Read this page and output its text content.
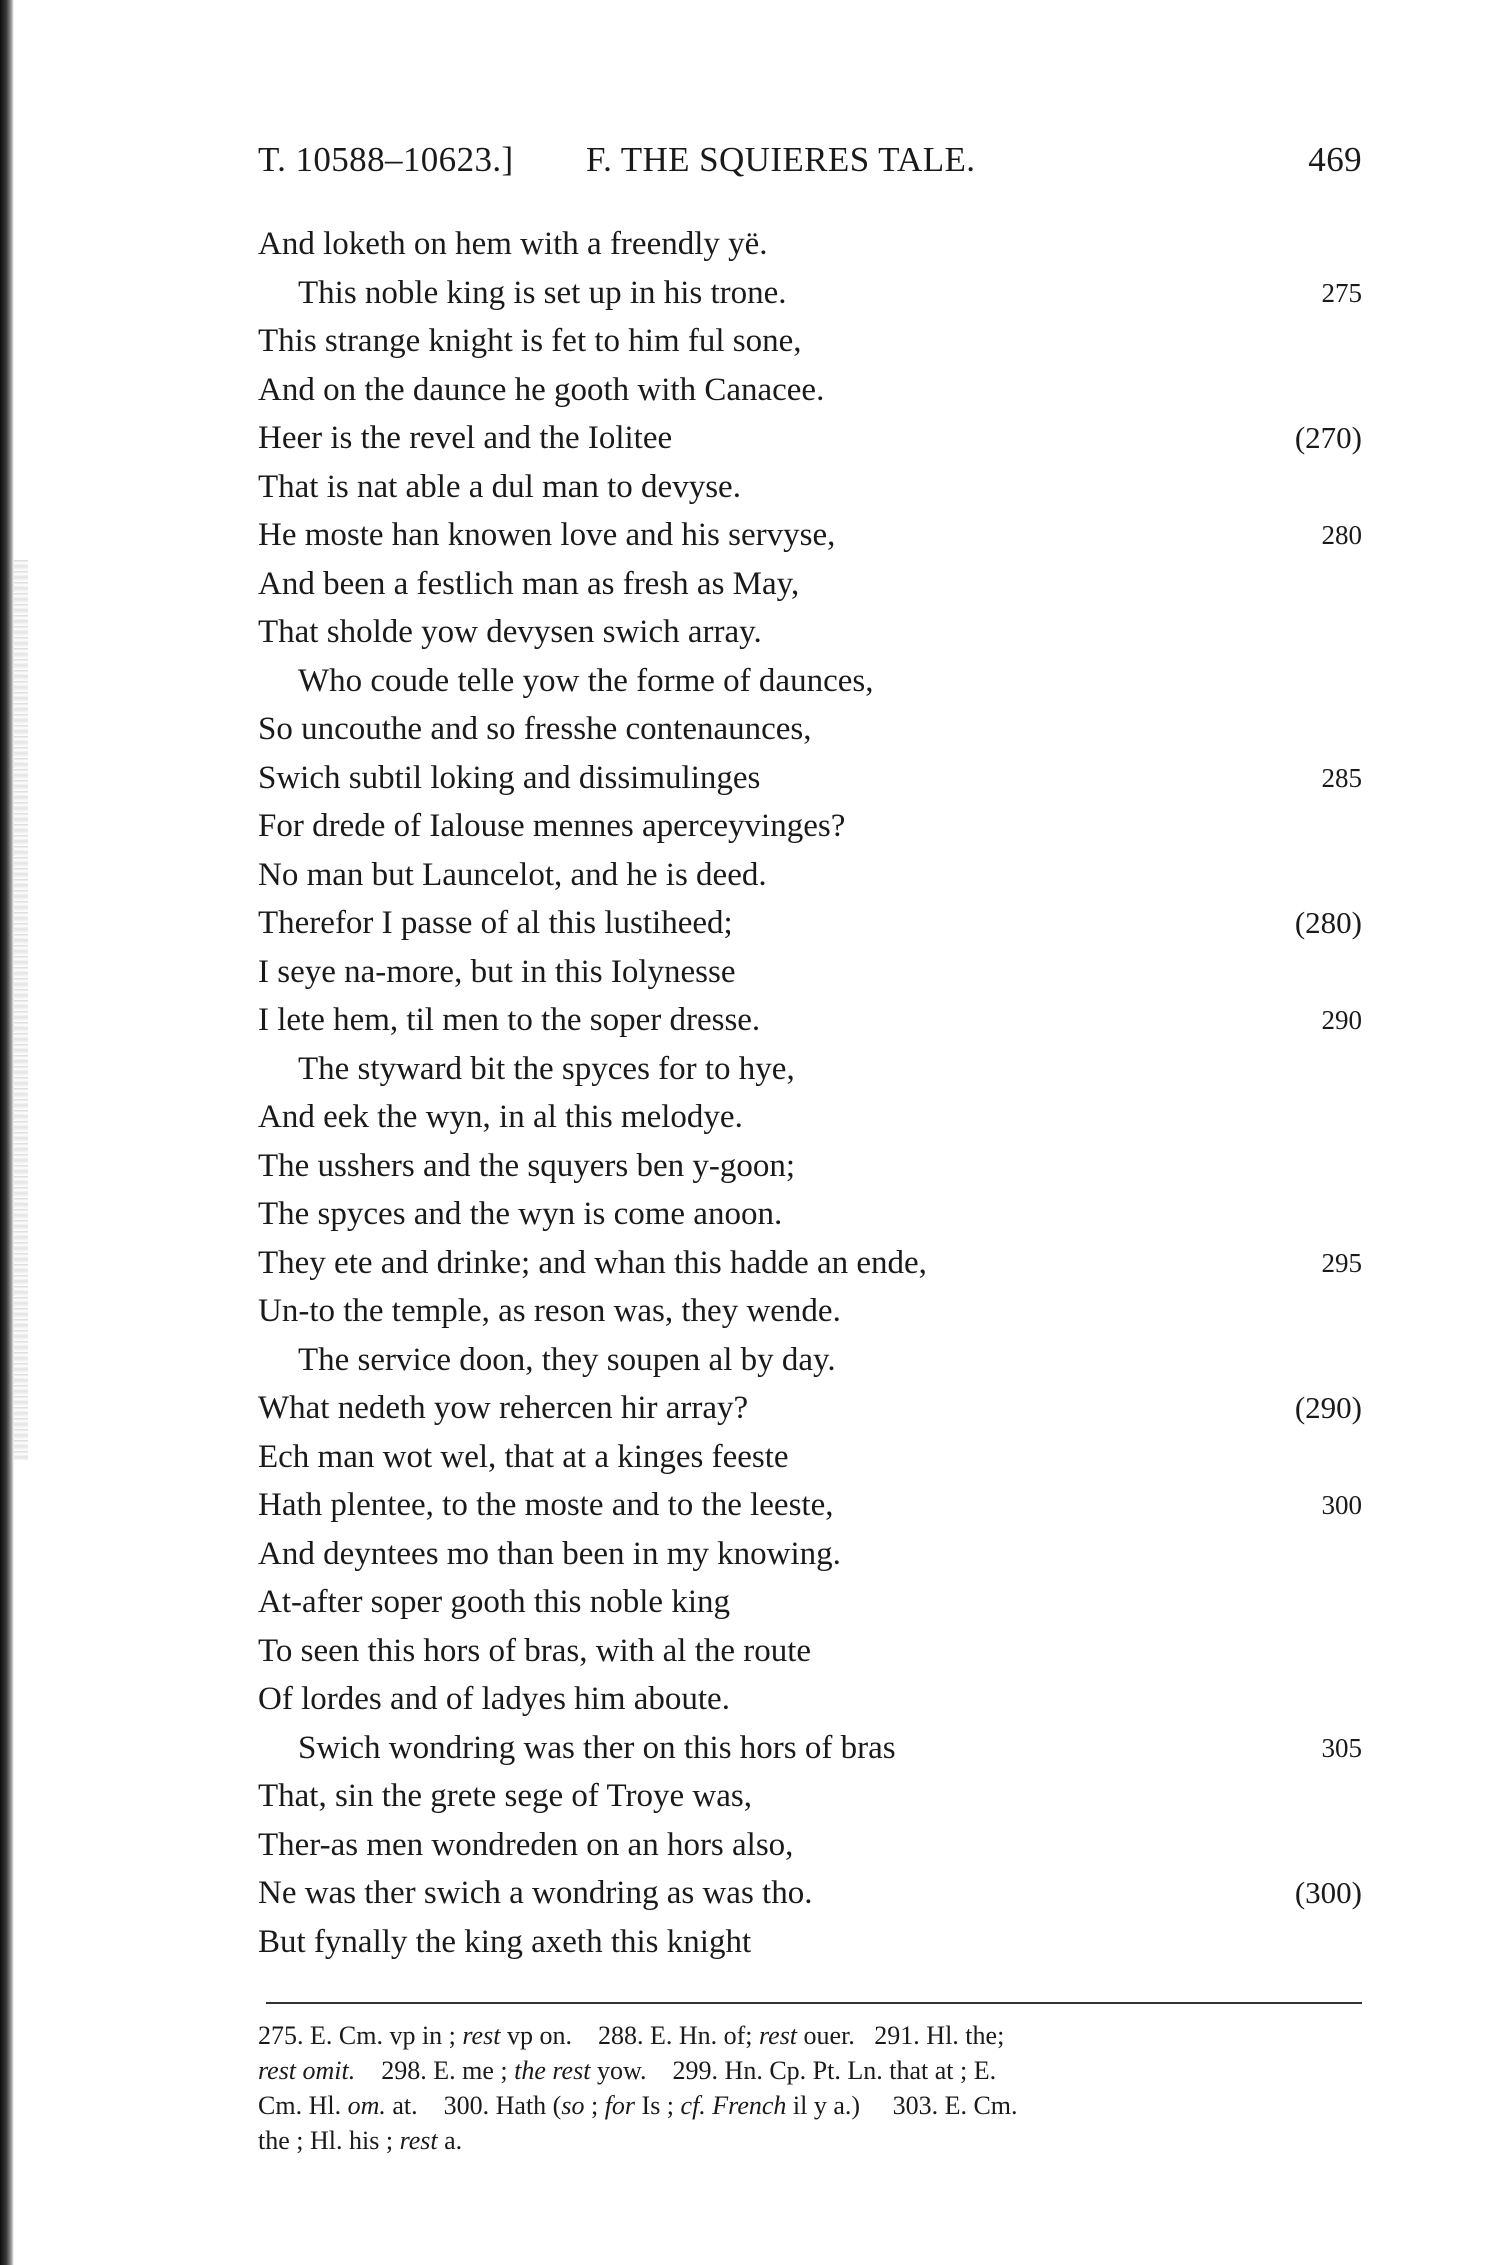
T. 10588–10623.] F. THE SQUIERES TALE.	469
And loketh on hem with a freendly yë.
This noble king is set up in his trone.	275
This strange knight is fet to him ful sone,
And on the daunce he gooth with Canacee.
Heer is the revel and the Iolitee	(270)
That is nat able a dul man to devyse.
He moste han knowen love and his servyse,	280
And been a festlich man as fresh as May,
That sholde yow devysen swich array.
Who coude telle yow the forme of daunces,
So uncouthe and so fresshe contenaunces,
Swich subtil loking and dissimulinges	285
For drede of Ialouse mennes aperceyvinges?
No man but Launcelot, and he is deed.
Therefor I passe of al this lustiheed;	(280)
I seye na-more, but in this Iolynesse
I lete hem, til men to the soper dresse.	290
The styward bit the spyces for to hye,
And eek the wyn, in al this melodye.
The usshers and the squyers ben y-goon;
The spyces and the wyn is come anoon.
They ete and drinke; and whan this hadde an ende,	295
Un-to the temple, as reson was, they wende.
The service doon, they soupen al by day.
What nedeth yow rehercen hir array?	(290)
Ech man wot wel, that at a kinges feeste
Hath plentee, to the moste and to the leeste,	300
And deyntees mo than been in my knowing.
At-after soper gooth this noble king
To seen this hors of bras, with al the route
Of lordes and of ladyes him aboute.
Swich wondring was ther on this hors of bras	305
That, sin the grete sege of Troye was,
Ther-as men wondreden on an hors also,
Ne was ther swich a wondring as was tho.	(300)
But fynally the king axeth this knight
275. E. Cm. vp in ; rest vp on.    288. E. Hn. of; rest ouer.   291. Hl. the;
rest omit.    298. E. me ; the rest yow.    299. Hn. Cp. Pt. Ln. that at ; E.
Cm. Hl. om. at.    300. Hath (so ; for Is ; cf. French il y a.)     303. E. Cm.
the ; Hl. his ; rest a.
